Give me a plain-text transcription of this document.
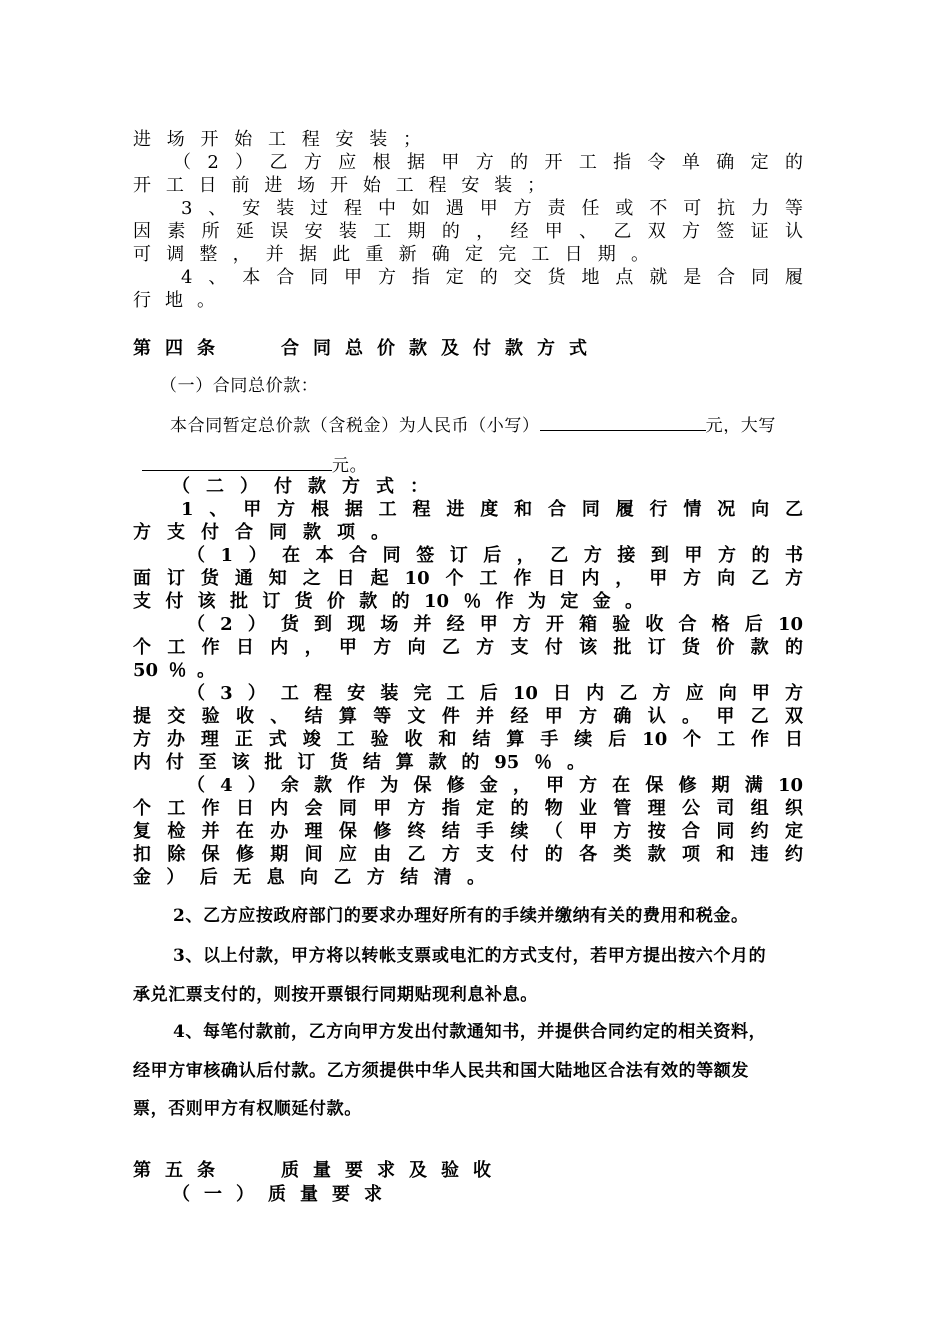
进场开始工程安装；

（2）乙方应根据甲方的开工指令单确定的

开工日前进场开始工程安装；

3、安装过程中如遇甲方责任或不可抗力等

因素所延误安装工期的，经甲、乙双方签证认

可调整，并据此重新确定完工日期。

4、本合同甲方指定的交货地点就是合同履

行地。

第四条	合同总价款及付款方式

（一）合同总价款：

本合同暂定总价款（含税金）为人民币（小写）	元，大写

元。

（二）付款方式：

1、甲方根据工程进度和合同履行情况向乙

方支付合同款项。

（1）在本合同签订后，乙方接到甲方的书

面订货通知之日起10个工作日内，甲方向乙方

支付该批订货价款的10％作为定金。

（2）货到现场并经甲方开箱验收合格后10

个工作日内，甲方向乙方支付该批订货价款的

50％。

（3）工程安装完工后10日内乙方应向甲方

提交验收、结算等文件并经甲方确认。甲乙双

方办理正式竣工验收和结算手续后10个工作日

内付至该批订货结算款的95％。

（4）余款作为保修金，甲方在保修期满10

个工作日内会同甲方指定的物业管理公司组织

复检并在办理保修终结手续（甲方按合同约定

扣除保修期间应由乙方支付的各类款项和违约

金）后无息向乙方结清。

2、乙方应按政府部门的要求办理好所有的手续并缴纳有关的费用和税金。

3、以上付款，甲方将以转帐支票或电汇的方式支付，若甲方提出按六个月的

承兑汇票支付的，则按开票银行同期贴现利息补息。

4、每笔付款前，乙方向甲方发出付款通知书，并提供合同约定的相关资料，

经甲方审核确认后付款。乙方须提供中华人民共和国大陆地区合法有效的等额发

票，否则甲方有权顺延付款。

第五条	质量要求及验收

（一）质量要求
